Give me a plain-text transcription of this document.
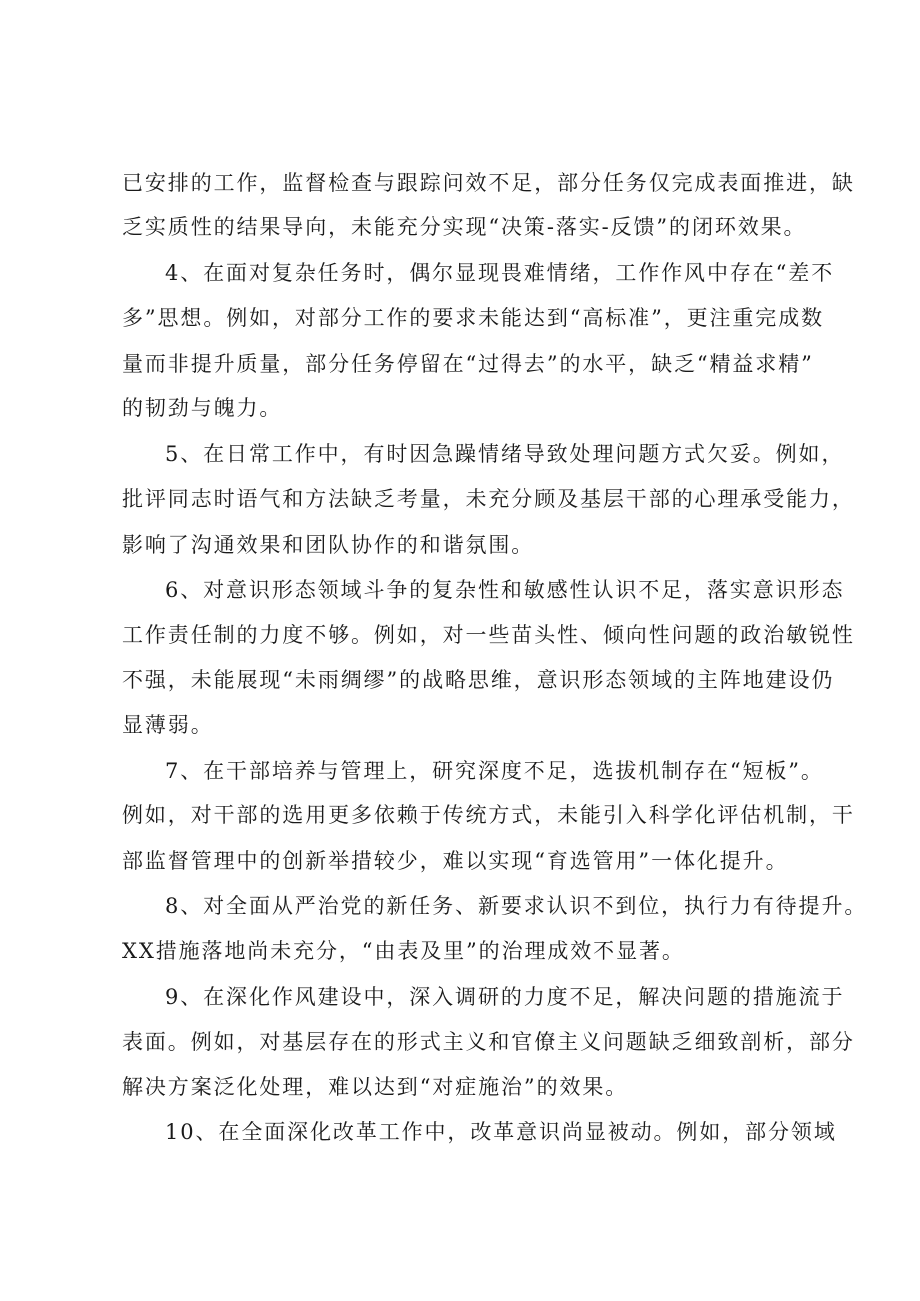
已安排的工作，监督检查与跟踪问效不足，部分任务仅完成表面推进，缺

乏实质性的结果导向，未能充分实现“决策-落实-反馈”的闭环效果。

4、在面对复杂任务时，偶尔显现畏难情绪，工作作风中存在“差不

多”思想。例如，对部分工作的要求未能达到“高标准”，更注重完成数

量而非提升质量，部分任务停留在“过得去”的水平，缺乏“精益求精”

的韧劲与魄力。

5、在日常工作中，有时因急躁情绪导致处理问题方式欠妥。例如，

批评同志时语气和方法缺乏考量，未充分顾及基层干部的心理承受能力，

影响了沟通效果和团队协作的和谐氛围。

6、对意识形态领域斗争的复杂性和敏感性认识不足，落实意识形态

工作责任制的力度不够。例如，对一些苗头性、倾向性问题的政治敏锐性

不强，未能展现“未雨绸缪”的战略思维，意识形态领域的主阵地建设仍

显薄弱。

7、在干部培养与管理上，研究深度不足，选拔机制存在“短板”。

例如，对干部的选用更多依赖于传统方式，未能引入科学化评估机制，干

部监督管理中的创新举措较少，难以实现“育选管用”一体化提升。

8、对全面从严治党的新任务、新要求认识不到位，执行力有待提升。

XX措施落地尚未充分，“由表及里”的治理成效不显著。

9、在深化作风建设中，深入调研的力度不足，解决问题的措施流于

表面。例如，对基层存在的形式主义和官僚主义问题缺乏细致剖析，部分

解决方案泛化处理，难以达到“对症施治”的效果。

10、在全面深化改革工作中，改革意识尚显被动。例如，部分领域
